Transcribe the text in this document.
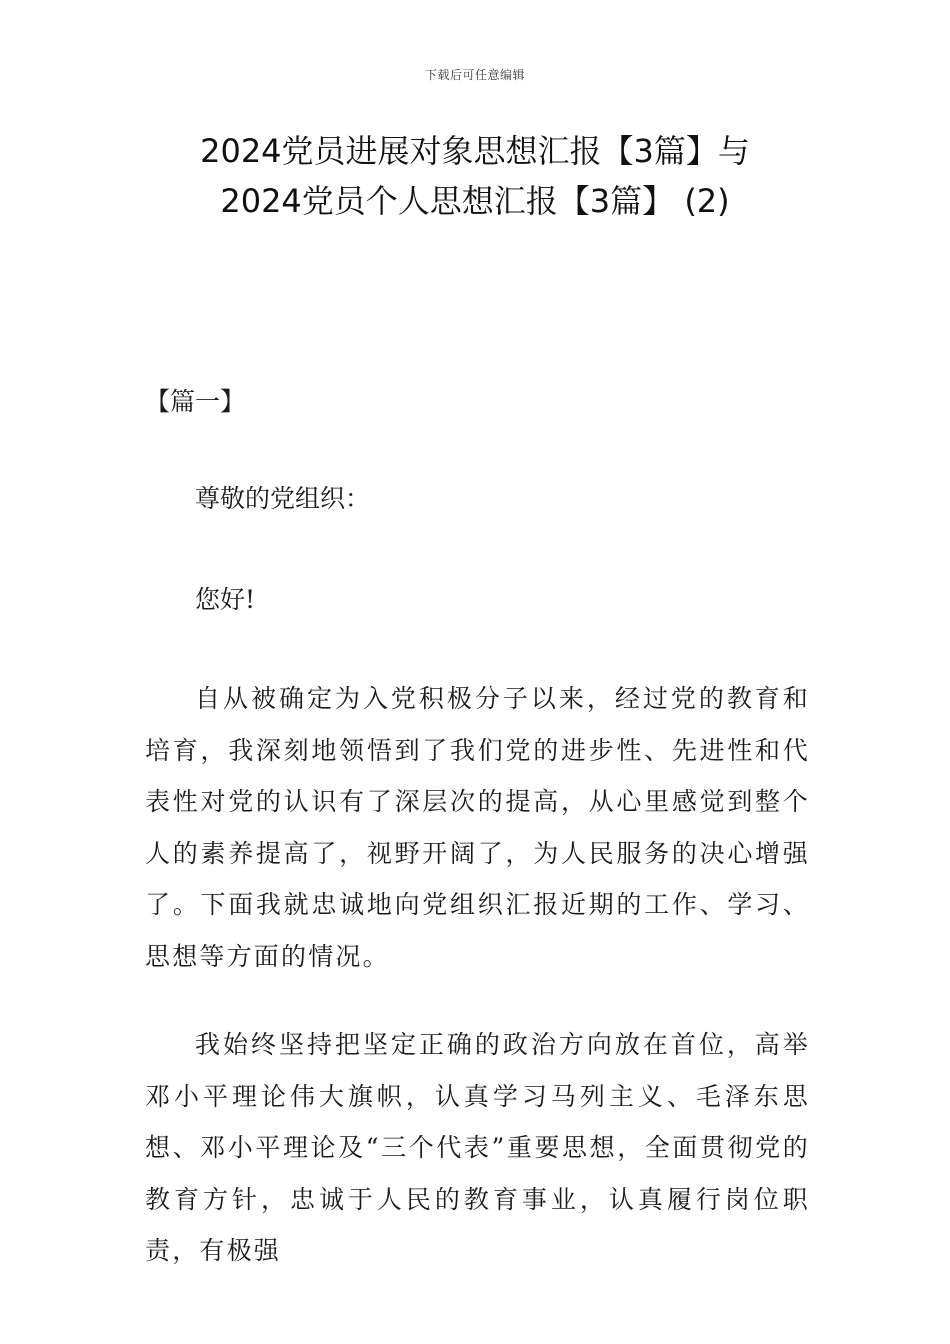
下载后可任意编辑
2024党员进展对象思想汇报【3篇】与
2024党员个人思想汇报【3篇】 (2)

【篇一】

尊敬的党组织：

您好!

自从被确定为入党积极分子以来，经过党的教育和培育，我深刻地领悟到了我们党的进步性、先进性和代表性对党的认识有了深层次的提高，从心里感觉到整个人的素养提高了，视野开阔了，为人民服务的决心增强了。下面我就忠诚地向党组织汇报近期的工作、学习、思想等方面的情况。

我始终坚持把坚定正确的政治方向放在首位，高举邓小平理论伟大旗帜，认真学习马列主义、毛泽东思想、邓小平理论及“三个代表”重要思想，全面贯彻党的教育方针，忠诚于人民的教育事业，认真履行岗位职责，有极强
